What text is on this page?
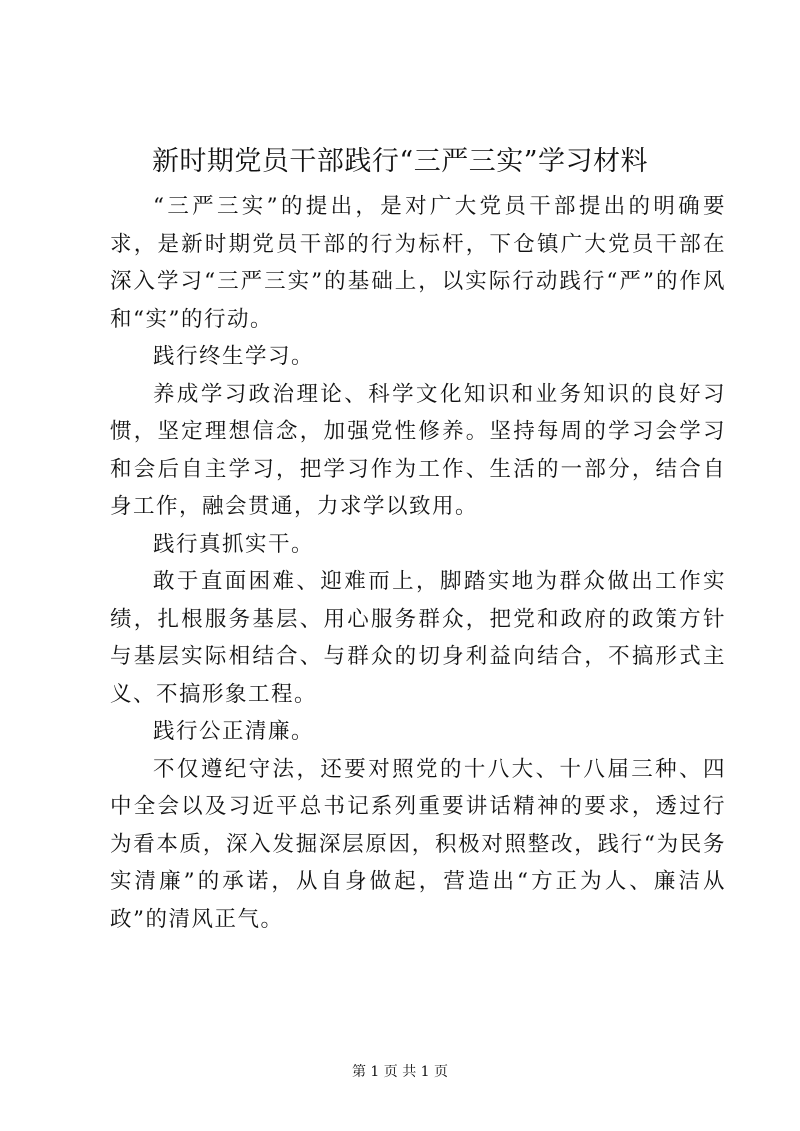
新时期党员干部践行“三严三实”学习材料

“三严三实”的提出，是对广大党员干部提出的明确要求，是新时期党员干部的行为标杆，下仓镇广大党员干部在深入学习“三严三实”的基础上，以实际行动践行“严”的作风和“实”的行动。

践行终生学习。

养成学习政治理论、科学文化知识和业务知识的良好习惯，坚定理想信念，加强党性修养。坚持每周的学习会学习和会后自主学习，把学习作为工作、生活的一部分，结合自身工作，融会贯通，力求学以致用。

践行真抓实干。

敢于直面困难、迎难而上，脚踏实地为群众做出工作实绩，扎根服务基层、用心服务群众，把党和政府的政策方针与基层实际相结合、与群众的切身利益向结合，不搞形式主义、不搞形象工程。

践行公正清廉。

不仅遵纪守法，还要对照党的十八大、十八届三种、四中全会以及习近平总书记系列重要讲话精神的要求，透过行为看本质，深入发掘深层原因，积极对照整改，践行“为民务实清廉”的承诺，从自身做起，营造出“方正为人、廉洁从政”的清风正气。

第 1 页 共 1 页
